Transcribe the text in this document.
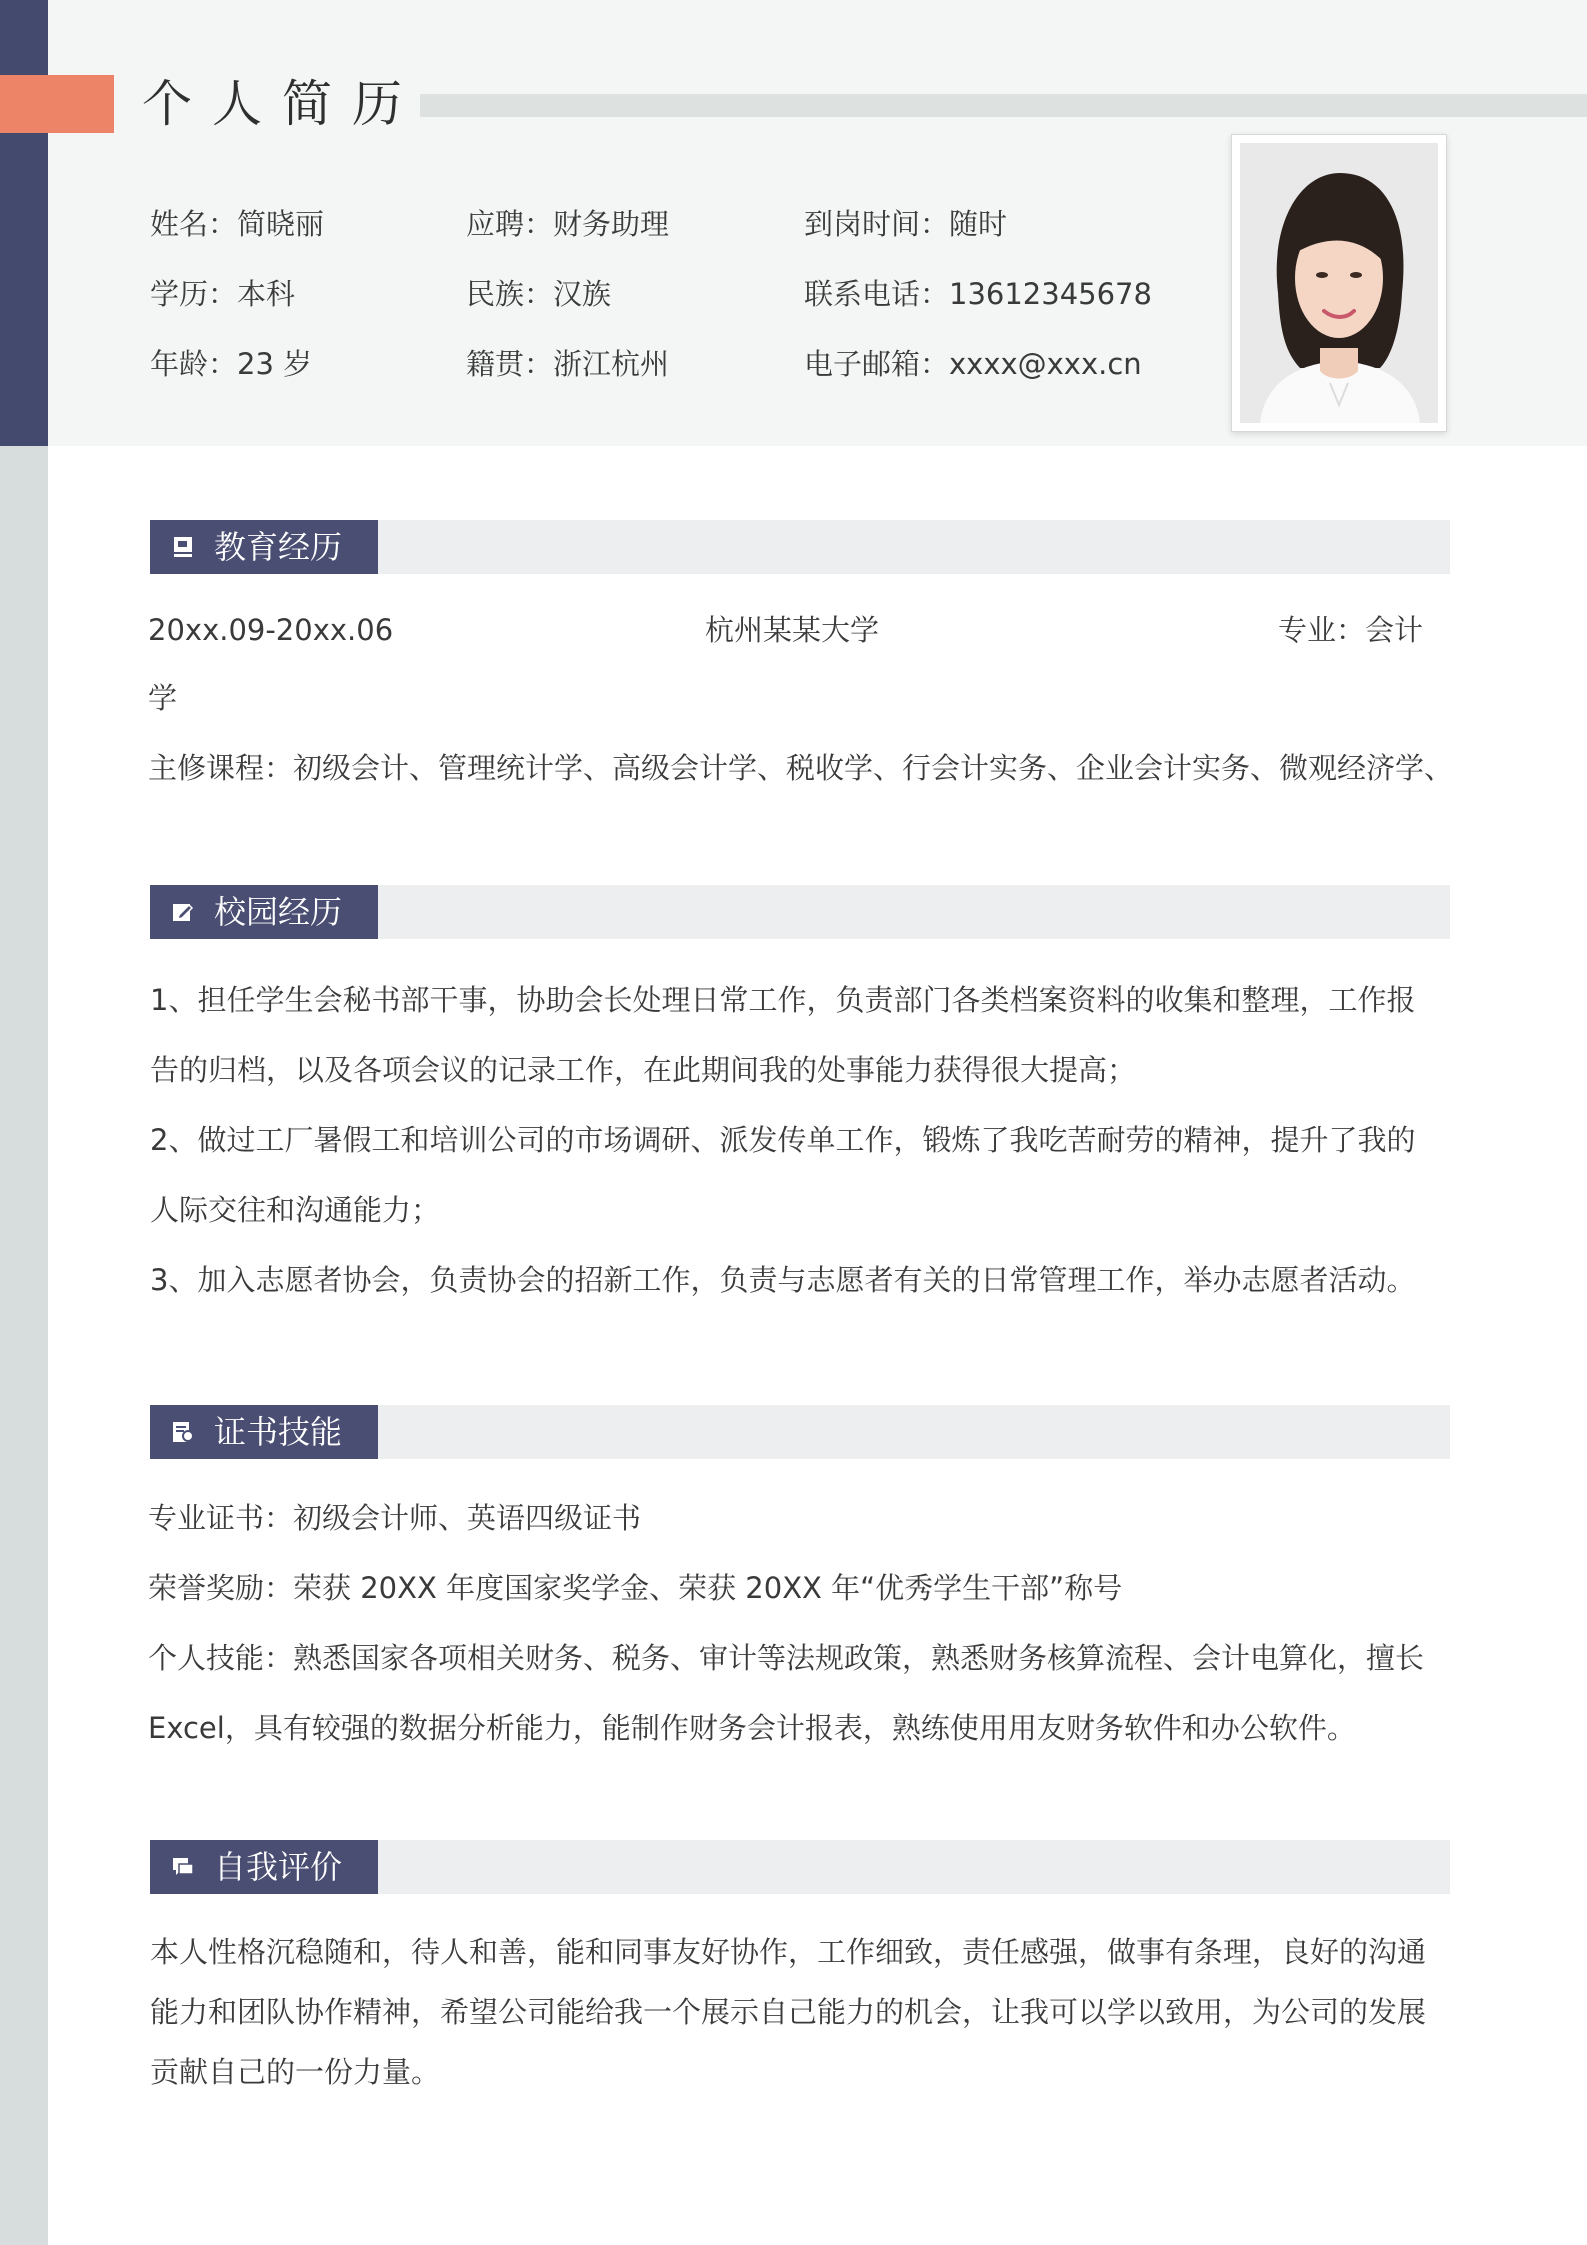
个人简历
姓名：简晓丽	应聘：财务助理	到岗时间：随时
学历：本科	民族：汉族	联系电话：13612345678
年龄：23 岁	籍贯：浙江杭州	电子邮箱：xxxx@xxx.cn
教育经历
20xx.09-20xx.06	杭州某某大学	专业：会计
学
主修课程：初级会计、管理统计学、高级会计学、税收学、行会计实务、企业会计实务、微观经济学、
校园经历
1、担任学生会秘书部干事，协助会长处理日常工作，负责部门各类档案资料的收集和整理，工作报
告的归档，以及各项会议的记录工作，在此期间我的处事能力获得很大提高；
2、做过工厂暑假工和培训公司的市场调研、派发传单工作，锻炼了我吃苦耐劳的精神，提升了我的
人际交往和沟通能力；
3、加入志愿者协会，负责协会的招新工作，负责与志愿者有关的日常管理工作，举办志愿者活动。
证书技能
专业证书：初级会计师、英语四级证书
荣誉奖励：荣获 20XX 年度国家奖学金、荣获 20XX 年“优秀学生干部”称号
个人技能：熟悉国家各项相关财务、税务、审计等法规政策，熟悉财务核算流程、会计电算化，擅长
Excel，具有较强的数据分析能力，能制作财务会计报表，熟练使用用友财务软件和办公软件。
自我评价
本人性格沉稳随和，待人和善，能和同事友好协作，工作细致，责任感强，做事有条理，良好的沟通
能力和团队协作精神，希望公司能给我一个展示自己能力的机会，让我可以学以致用，为公司的发展
贡献自己的一份力量。
